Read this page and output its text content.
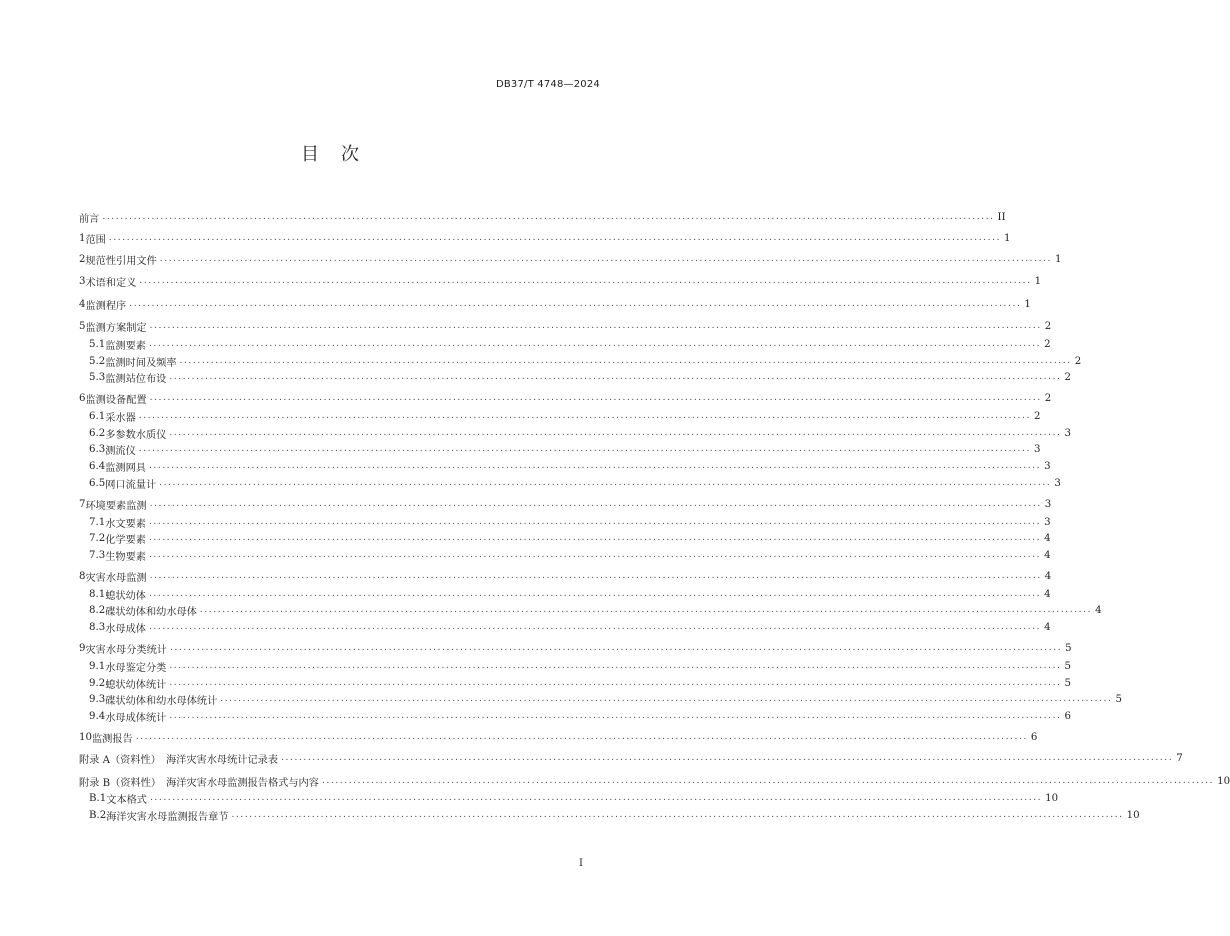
DB37/T 4748—2024
目　次
前言 ........................................................................................................................................................................................................ II
1 范围 ........................................................................................................................................................................................................ 1
2 规范性引用文件 ........................................................................................................................................................................................................ 1
3 术语和定义 ........................................................................................................................................................................................................ 1
4 监测程序 ........................................................................................................................................................................................................ 1
5 监测方案制定 ........................................................................................................................................................................................................ 2
5.1 监测要素 ........................................................................................................................................................................................................ 2
5.2 监测时间及频率 ........................................................................................................................................................................................................ 2
5.3 监测站位布设 ........................................................................................................................................................................................................ 2
6 监测设备配置 ........................................................................................................................................................................................................ 2
6.1 采水器 ........................................................................................................................................................................................................ 2
6.2 多参数水质仪 ........................................................................................................................................................................................................ 3
6.3 测流仪 ........................................................................................................................................................................................................ 3
6.4 监测网具 ........................................................................................................................................................................................................ 3
6.5 网口流量计 ........................................................................................................................................................................................................ 3
7 环境要素监测 ........................................................................................................................................................................................................ 3
7.1 水文要素 ........................................................................................................................................................................................................ 3
7.2 化学要素 ........................................................................................................................................................................................................ 4
7.3 生物要素 ........................................................................................................................................................................................................ 4
8 灾害水母监测 ........................................................................................................................................................................................................ 4
8.1 螅状幼体 ........................................................................................................................................................................................................ 4
8.2 碟状幼体和幼水母体 ........................................................................................................................................................................................................ 4
8.3 水母成体 ........................................................................................................................................................................................................ 4
9 灾害水母分类统计 ........................................................................................................................................................................................................ 5
9.1 水母鉴定分类 ........................................................................................................................................................................................................ 5
9.2 螅状幼体统计 ........................................................................................................................................................................................................ 5
9.3 碟状幼体和幼水母体统计 ........................................................................................................................................................................................................ 5
9.4 水母成体统计 ........................................................................................................................................................................................................ 6
10 监测报告 ........................................................................................................................................................................................................ 6
附录 A（资料性）　海洋灾害水母统计记录表 ........................................................................................................................................................................................................ 7
附录 B（资料性）　海洋灾害水母监测报告格式与内容 ........................................................................................................................................................................................................ 10
B.1 文本格式 ........................................................................................................................................................................................................ 10
B.2 海洋灾害水母监测报告章节 ........................................................................................................................................................................................................ 10
I
